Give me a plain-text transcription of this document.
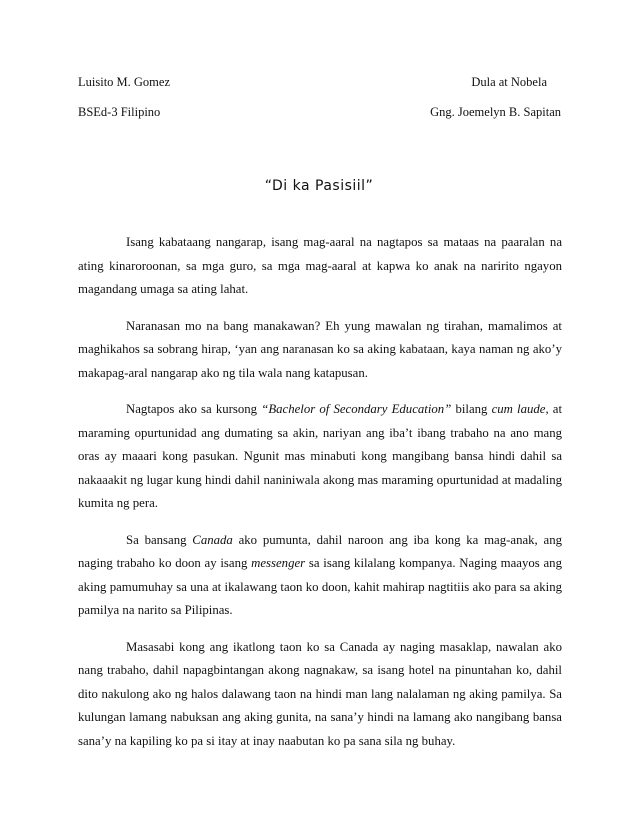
Luisito M. Gomez
BSEd-3 Filipino
Dula at Nobela
Gng. Joemelyn B. Sapitan
“Di ka Pasisiil”

Isang kabataang nangarap, isang mag-aaral na nagtapos sa mataas na paaralan na ating kinaroroonan, sa mga guro, sa mga mag-aaral at kapwa ko anak na naririto ngayon magandang umaga sa ating lahat.

Naranasan mo na bang manakawan? Eh yung mawalan ng tirahan, mamalimos at maghikahos sa sobrang hirap, ‘yan ang naranasan ko sa aking kabataan, kaya naman ng ako’y makapag-aral nangarap ako ng tila wala nang katapusan.

Nagtapos ako sa kursong “Bachelor of Secondary Education” bilang cum laude, at maraming opurtunidad ang dumating sa akin, nariyan ang iba’t ibang trabaho na ano mang oras ay maaari kong pasukan. Ngunit mas minabuti kong mangibang bansa hindi dahil sa nakaaakit ng lugar kung hindi dahil naniniwala akong mas maraming opurtunidad at madaling kumita ng pera.

Sa bansang Canada ako pumunta, dahil naroon ang iba kong ka mag-anak, ang naging trabaho ko doon ay isang messenger sa isang kilalang kompanya. Naging maayos ang aking pamumuhay sa una at ikalawang taon ko doon, kahit mahirap nagtitiis ako para sa aking pamilya na narito sa Pilipinas.

Masasabi kong ang ikatlong taon ko sa Canada ay naging masaklap, nawalan ako nang trabaho, dahil napagbintangan akong nagnakaw, sa isang hotel na pinuntahan ko, dahil dito nakulong ako ng halos dalawang taon na hindi man lang nalalaman ng aking pamilya. Sa kulungan lamang nabuksan ang aking gunita, na sana’y hindi na lamang ako nangibang bansa sana’y na kapiling ko pa si itay at inay naabutan ko pa sana sila ng buhay.
